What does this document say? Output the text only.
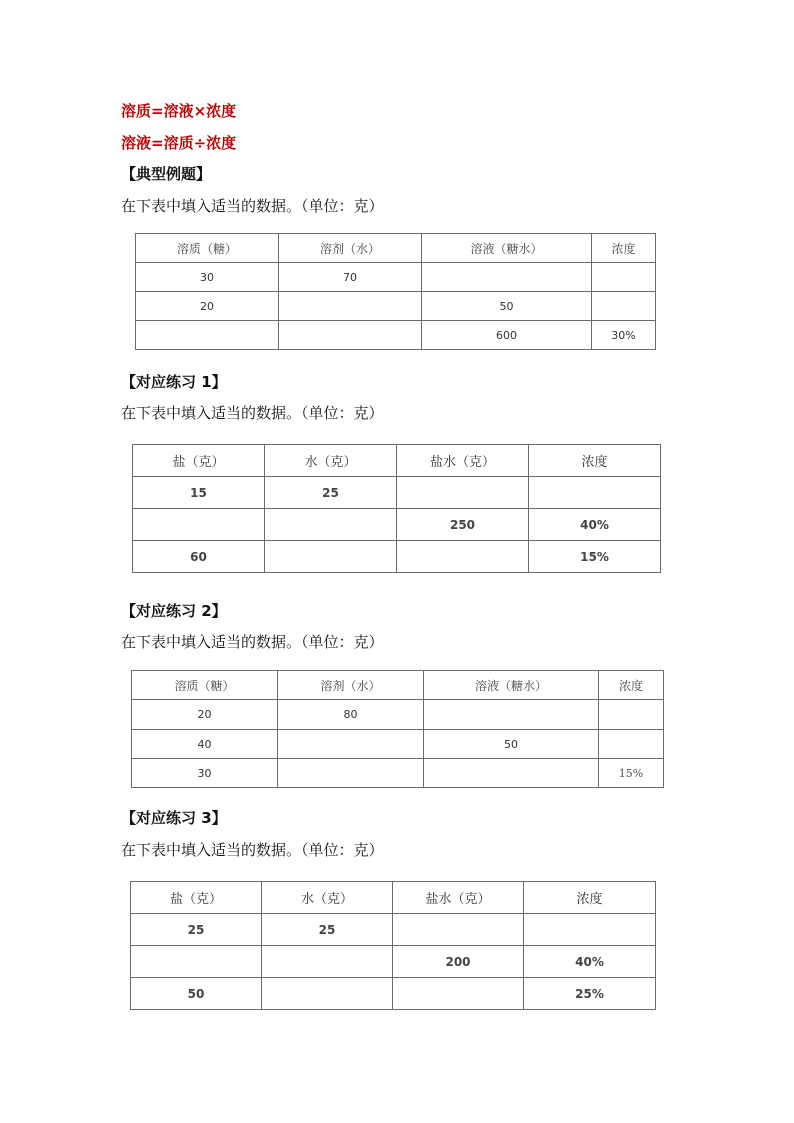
溶质=溶液×浓度
溶液=溶质÷浓度
【典型例题】
在下表中填入适当的数据。（单位：克）
溶质（糖）	溶剂（水）	溶液（糖水）	浓度
30	70		
20		50	
		600	30%
【对应练习 1】
在下表中填入适当的数据。（单位：克）
盐（克）	水（克）	盐水（克）	浓度
15	25		
		250	40%
60			15%
【对应练习 2】
在下表中填入适当的数据。（单位：克）
溶质（糖）	溶剂（水）	溶液（糖水）	浓度
20	80		
40		50	
30			15%
【对应练习 3】
在下表中填入适当的数据。（单位：克）
盐（克）	水（克）	盐水（克）	浓度
25	25		
		200	40%
50			25%
